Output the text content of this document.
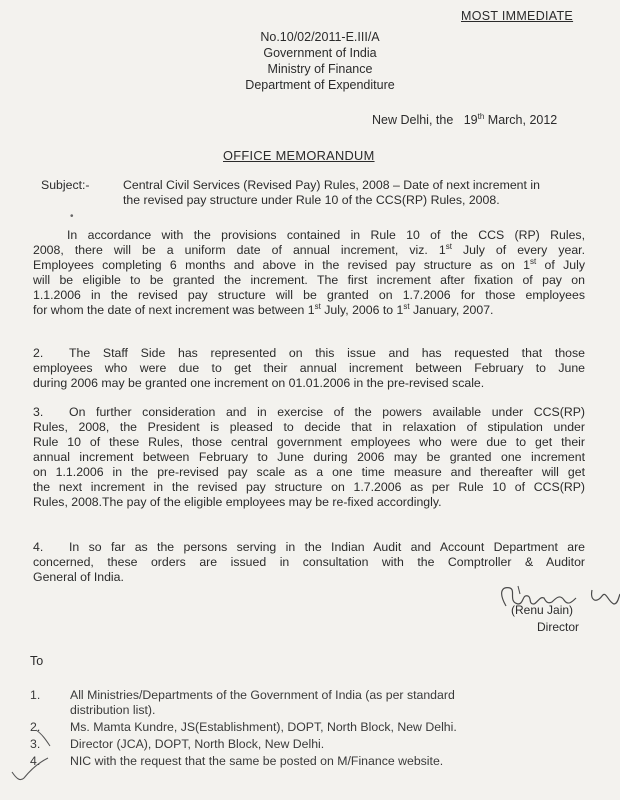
MOST IMMEDIATE
No.10/02/2011-E.III/A
Government of India
Ministry of Finance
Department of Expenditure
New Delhi, the 19th March, 2012
OFFICE MEMORANDUM
Subject:-	Central Civil Services (Revised Pay) Rules, 2008 – Date of next increment in
the revised pay structure under Rule 10 of the CCS(RP) Rules, 2008.
•
In accordance with the provisions contained in Rule 10 of the CCS (RP) Rules,
2008, there will be a uniform date of annual increment, viz. 1st July of every year.
Employees completing 6 months and above in the revised pay structure as on 1st of July
will be eligible to be granted the increment. The first increment after fixation of pay on
1.1.2006 in the revised pay structure will be granted on 1.7.2006 for those employees
for whom the date of next increment was between 1st July, 2006 to 1st January, 2007.
2. The Staff Side has represented on this issue and has requested that those
employees who were due to get their annual increment between February to June
during 2006 may be granted one increment on 01.01.2006 in the pre-revised scale.
3. On further consideration and in exercise of the powers available under CCS(RP)
Rules, 2008, the President is pleased to decide that in relaxation of stipulation under
Rule 10 of these Rules, those central government employees who were due to get their
annual increment between February to June during 2006 may be granted one increment
on 1.1.2006 in the pre-revised pay scale as a one time measure and thereafter will get
the next increment in the revised pay structure on 1.7.2006 as per Rule 10 of CCS(RP)
Rules, 2008.The pay of the eligible employees may be re-fixed accordingly.
4. In so far as the persons serving in the Indian Audit and Account Department are
concerned, these orders are issued in consultation with the Comptroller & Auditor
General of India.
(Renu Jain)
Director
To
1. All Ministries/Departments of the Government of India (as per standard
distribution list).
2. Ms. Mamta Kundre, JS(Establishment), DOPT, North Block, New Delhi.
3. Director (JCA), DOPT, North Block, New Delhi.
4. NIC with the request that the same be posted on M/Finance website.
